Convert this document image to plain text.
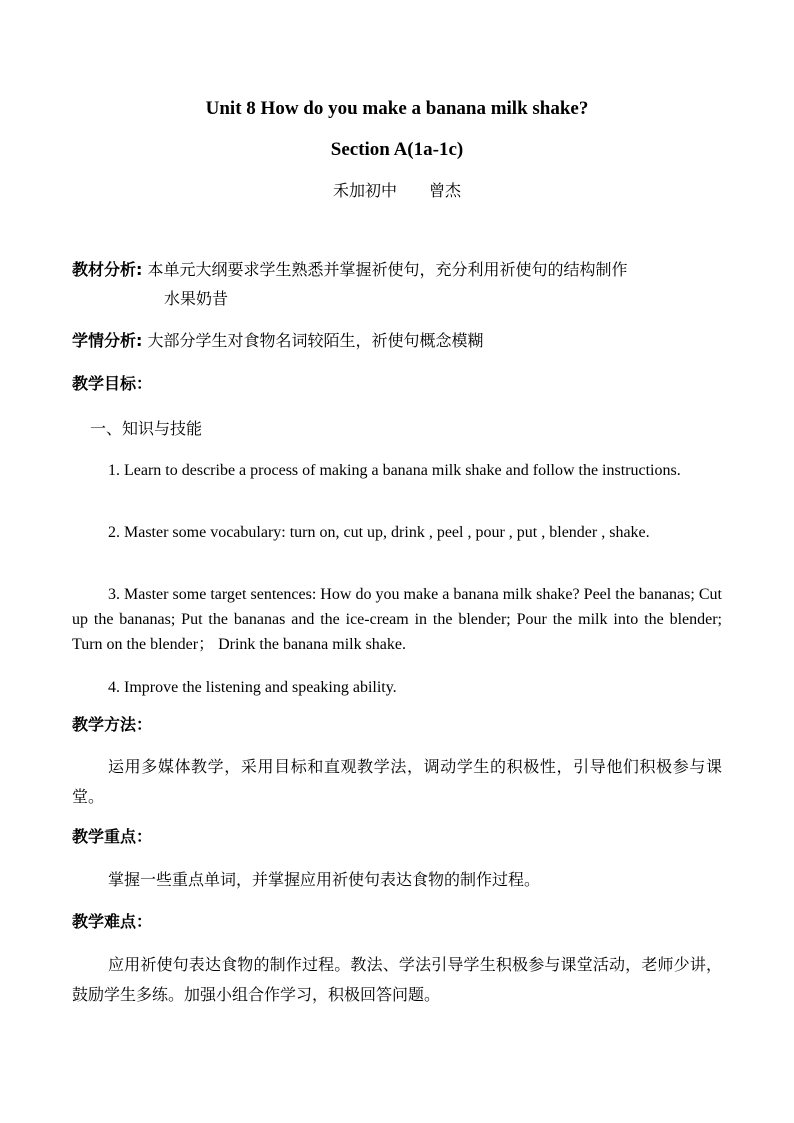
Unit 8 How do you make a banana milk shake?
Section A(1a-1c)
禾加初中　　曾杰
教材分析: 本单元大纲要求学生熟悉并掌握祈使句，充分利用祈使句的结构制作
水果奶昔
学情分析: 大部分学生对食物名词较陌生，祈使句概念模糊
教学目标：
一、知识与技能
1. Learn to describe a process of making a banana milk shake and follow the instructions.
2. Master some vocabulary: turn on, cut up, drink , peel , pour , put , blender , shake.
3. Master some target sentences: How do you make a banana milk shake? Peel the bananas; Cut up the bananas; Put the bananas and the ice-cream in the blender; Pour the milk into the blender; Turn on the blender； Drink the banana milk shake.
4. Improve the listening and speaking ability.
教学方法：
运用多媒体教学，采用目标和直观教学法，调动学生的积极性，引导他们积极参与课堂。
教学重点：
掌握一些重点单词，并掌握应用祈使句表达食物的制作过程。
教学难点：
应用祈使句表达食物的制作过程。教法、学法引导学生积极参与课堂活动，老师少讲，鼓励学生多练。加强小组合作学习，积极回答问题。
